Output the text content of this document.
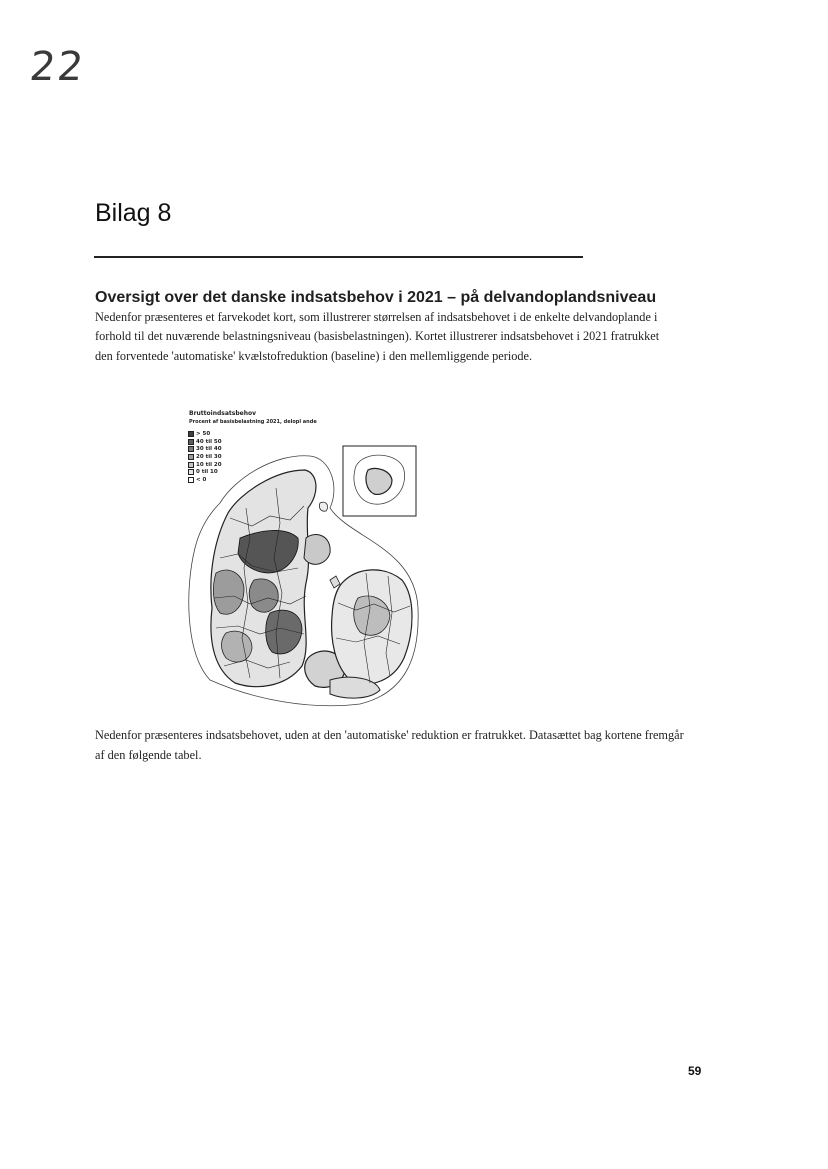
22
Bilag 8
Oversigt over det danske indsatsbehov i 2021 – på delvandoplandsniveau
Nedenfor præsenteres et farvekodet kort, som illustrerer størrelsen af indsatsbehovet i de enkelte delvandoplande i forhold til det nuværende belastningsniveau (basisbelastningen). Kortet illustrerer indsatsbehovet i 2021 fratrukket den forventede 'automatiske' kvælstofreduktion (baseline) i den mellemliggende periode.
Bruttoindsatsbehov
Procent af basisbelastning 2021, delopl ande
> 50
40 til 50
30 til 40
20 til 30
10 til 20
0 til 10
< 0
Nedenfor præsenteres indsatsbehovet, uden at den 'automatiske' reduktion er fratrukket. Datasættet bag kortene fremgår af den følgende tabel.
59
